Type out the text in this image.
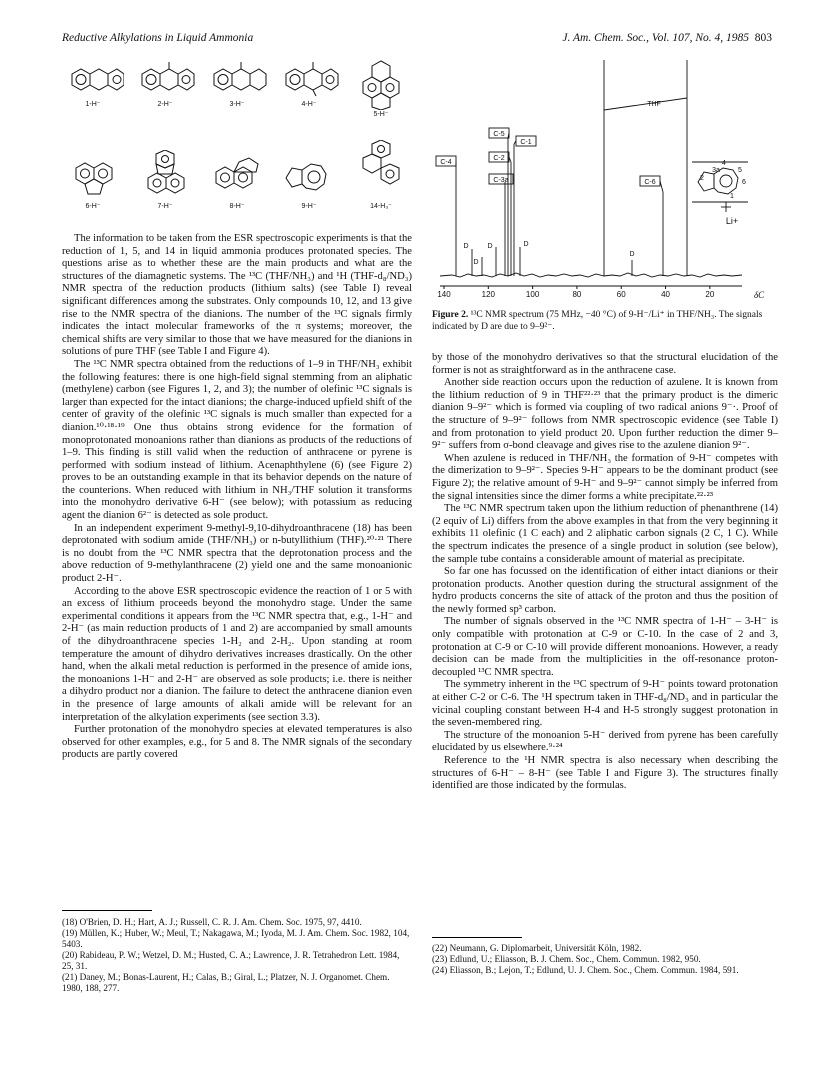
Reductive Alkylations in Liquid Ammonia	J. Am. Chem. Soc., Vol. 107, No. 4, 1985 803
1-H⁻	2-H⁻	3-H⁻	4-H⁻
5-H⁻
6-H⁻	7-H⁻	8-H⁻	9-H⁻	14-H₃⁻
C-4
C-5
C-1
C-2
C-3a	C-6
THF
D
D
D	D
D
2
3a
4
5
6
1
Li+
140	120	100	80	60	40	20	δC
Figure 2. ¹³C NMR spectrum (75 MHz, −40 °C) of 9-H⁻/Li⁺ in THF/NH₃. The signals indicated by D are due to 9–9²⁻.

The information to be taken from the ESR spectroscopic experiments is that the reduction of 1, 5, and 14 in liquid ammonia produces protonated species. The questions arise as to whether these are the main products and what are the structures of the diamagnetic systems. The ¹³C (THF/NH₃) and ¹H (THF-d₈/ND₃) NMR spectra of the reduction products (lithium salts) (see Table I) reveal significant differences among the substrates. Only compounds 10, 12, and 13 give rise to the NMR spectra of the dianions. The number of the ¹³C signals firmly indicates the intact molecular frameworks of the π systems; moreover, the chemical shifts are very similar to those that we have measured for the dianions in solutions of pure THF (see Table I and Figure 4).

The ¹³C NMR spectra obtained from the reductions of 1–9 in THF/NH₃ exhibit the following features: there is one high-field signal stemming from an aliphatic (methylene) carbon (see Figures 1, 2, and 3); the number of olefinic ¹³C signals is larger than expected for the intact dianions; the charge-induced upfield shift of the center of gravity of the olefinic ¹³C signals is much smaller than expected for a dianion.¹⁰·¹⁸·¹⁹ One thus obtains strong evidence for the formation of monoprotonated monoanions rather than dianions as products of the reductions of 1–9. This finding is still valid when the reduction of anthracene or pyrene is performed with sodium instead of lithium. Acenaphthylene (6) (see Figure 2) proves to be an outstanding example in that its behavior depends on the nature of the counterions. When reduced with lithium in NH₃/THF solution it transforms into the monohydro derivative 6-H⁻ (see below); with potassium as reducing agent the dianion 6²⁻ is detected as sole product.

In an independent experiment 9-methyl-9,10-dihydroanthracene (18) has been deprotonated with sodium amide (THF/NH₃) or n-butyllithium (THF).²⁰·²¹ There is no doubt from the ¹³C NMR spectra that the deprotonation process and the above reduction of 9-methylanthracene (2) yield one and the same monoanionic product 2-H⁻.

According to the above ESR spectroscopic evidence the reaction of 1 or 5 with an excess of lithium proceeds beyond the monohydro stage. Under the same experimental conditions it appears from the ¹³C NMR spectra that, e.g., 1-H⁻ and 2-H⁻ (as main reduction products of 1 and 2) are accompanied by small amounts of the dihydroanthracene species 1-H₂ and 2-H₂. Upon standing at room temperature the amount of dihydro derivatives increases drastically. On the other hand, when the alkali metal reduction is performed in the presence of amide ions, the monoanions 1-H⁻ and 2-H⁻ are observed as sole products; i.e. there is neither a dihydro product nor a dianion. The failure to detect the anthracene dianion even in the presence of large amounts of alkali amide will be relevant for an interpretation of the alkylation experiments (see section 3.3).

Further protonation of the monohydro species at elevated temperatures is also observed for other examples, e.g., for 5 and 8. The NMR signals of the secondary products are partly covered

by those of the monohydro derivatives so that the structural elucidation of the former is not as straightforward as in the anthracene case.

Another side reaction occurs upon the reduction of azulene. It is known from the lithium reduction of 9 in THF²²·²³ that the primary product is the dimeric dianion 9–9²⁻ which is formed via coupling of two radical anions 9⁻·. Proof of the structure of 9–9²⁻ follows from NMR spectroscopic evidence (see Table I) and from protonation to yield product 20. Upon further reduction the dimer 9–9²⁻ suffers from σ-bond cleavage and gives rise to the azulene dianion 9²⁻.

When azulene is reduced in THF/NH₃ the formation of 9-H⁻ competes with the dimerization to 9–9²⁻. Species 9-H⁻ appears to be the dominant product (see Figure 2); the relative amount of 9-H⁻ and 9–9²⁻ cannot simply be inferred from the signal intensities since the dimer forms a white precipitate.²²·²³

The ¹³C NMR spectrum taken upon the lithium reduction of phenanthrene (14) (2 equiv of Li) differs from the above examples in that from the very beginning it exhibits 11 olefinic (1 C each) and 2 aliphatic carbon signals (2 C, 1 C). While the spectrum indicates the presence of a single product in solution (see below), the sample tube contains a considerable amount of material as precipitate.

So far one has focussed on the identification of either intact dianions or their protonation products. Another question during the structural assignment of the hydro products concerns the site of attack of the proton and thus the position of the newly formed sp³ carbon.

The number of signals observed in the ¹³C NMR spectra of 1-H⁻ – 3-H⁻ is only compatible with protonation at C-9 or C-10. In the case of 2 and 3, protonation at C-9 or C-10 will provide different monoanions. However, a ready decision can be made from the multiplicities in the off-resonance proton-decoupled ¹³C NMR spectra.

The symmetry inherent in the ¹³C spectrum of 9-H⁻ points toward protonation at either C-2 or C-6. The ¹H spectrum taken in THF-d₈/ND₃ and in particular the vicinal coupling constant between H-4 and H-5 strongly suggest protonation in the seven-membered ring.

The structure of the monoanion 5-H⁻ derived from pyrene has been carefully elucidated by us elsewhere.⁹·²⁴

Reference to the ¹H NMR spectra is also necessary when describing the structures of 6-H⁻ – 8-H⁻ (see Table I and Figure 3). The structures finally identified are those indicated by the formulas.

(18) O'Brien, D. H.; Hart, A. J.; Russell, C. R. J. Am. Chem. Soc. 1975, 97, 4410.
(19) Müllen, K.; Huber, W.; Meul, T.; Nakagawa, M.; Iyoda, M. J. Am. Chem. Soc. 1982, 104, 5403.
(20) Rabideau, P. W.; Wetzel, D. M.; Husted, C. A.; Lawrence, J. R. Tetrahedron Lett. 1984, 25, 31.
(21) Daney, M.; Bonas-Laurent, H.; Calas, B.; Giral, L.; Platzer, N. J. Organomet. Chem. 1980, 188, 277.
(22) Neumann, G. Diplomarbeit, Universität Köln, 1982.
(23) Edlund, U.; Eliasson, B. J. Chem. Soc., Chem. Commun. 1982, 950.
(24) Eliasson, B.; Lejon, T.; Edlund, U. J. Chem. Soc., Chem. Commun. 1984, 591.
